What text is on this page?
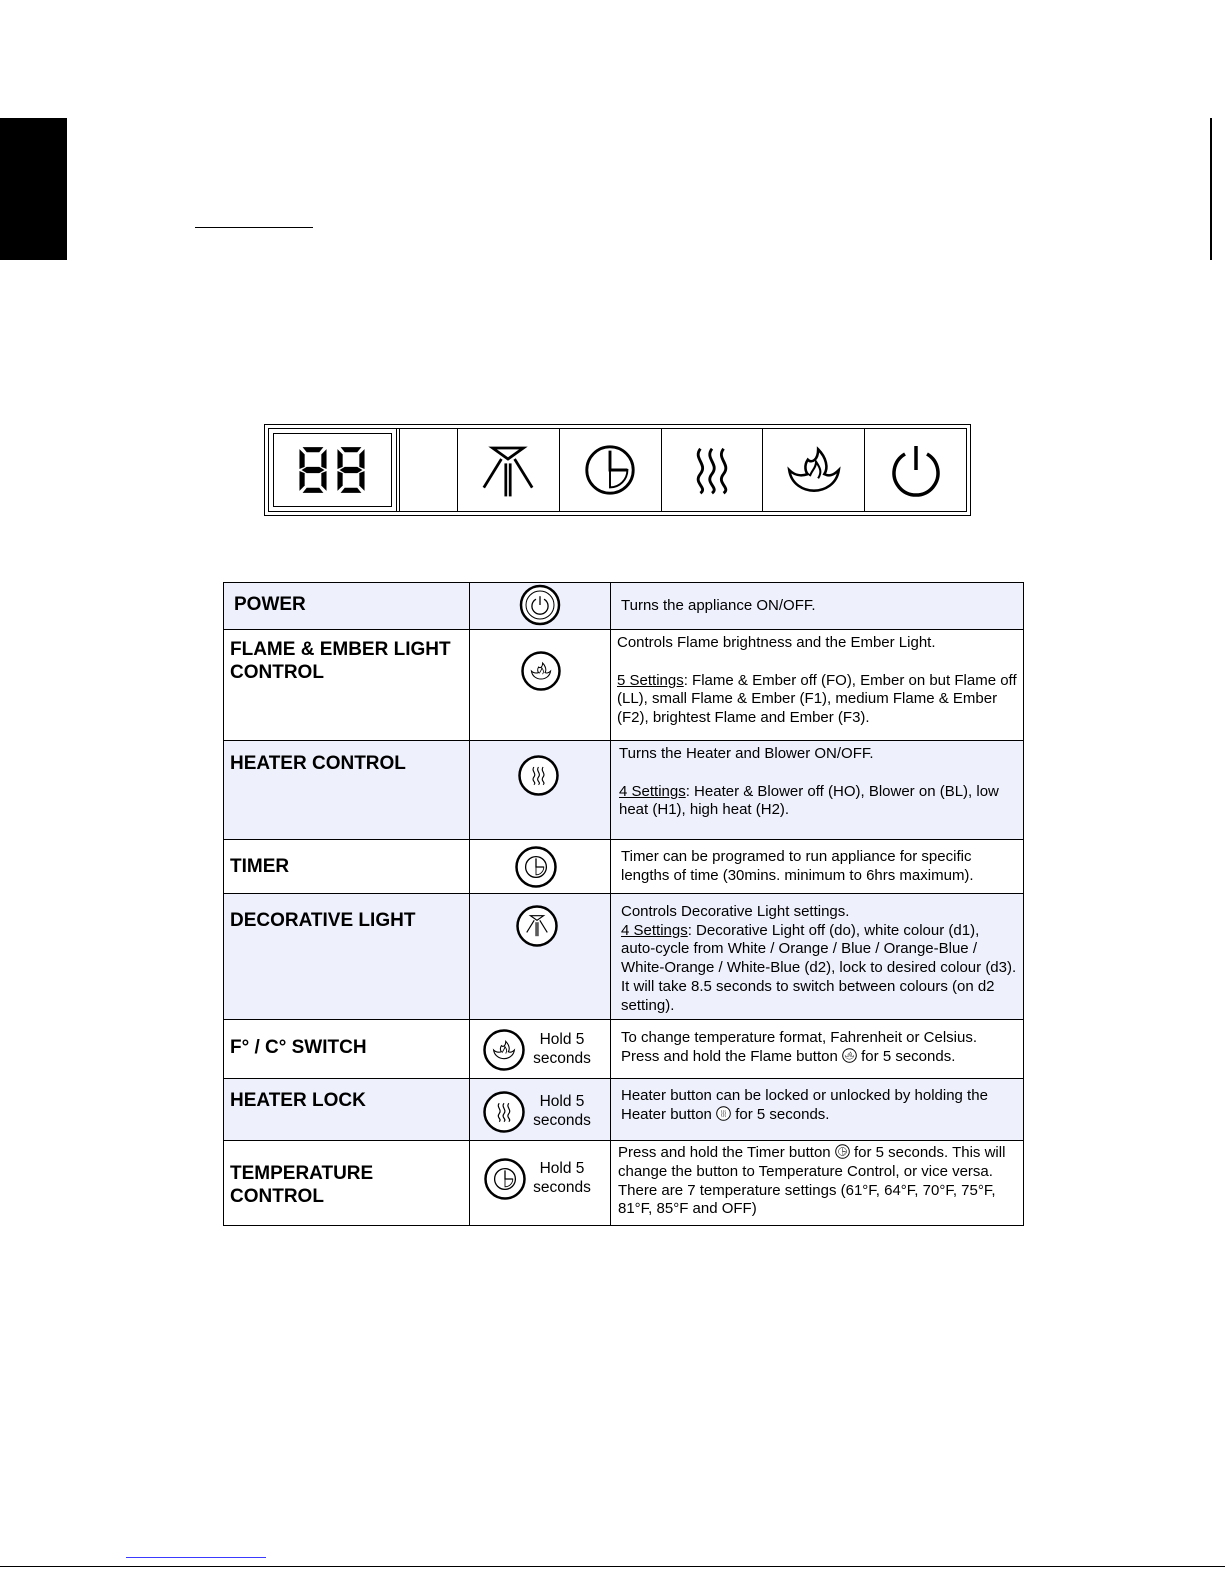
POWER		Turns the appliance ON/OFF.

FLAME & EMBER LIGHT CONTROL		Controls Flame brightness and the Ember Light.

5 Settings: Flame & Ember off (FO), Ember on but Flame off (LL), small Flame & Ember (F1), medium Flame & Ember (F2), brightest Flame and Ember (F3).

HEATER CONTROL		Turns the Heater and Blower ON/OFF.

4 Settings: Heater & Blower off (HO), Blower on (BL), low heat (H1), high heat (H2).

TIMER		Timer can be programed to run appliance for specific lengths of time (30mins. minimum to 6hrs maximum).

DECORATIVE LIGHT		Controls Decorative Light settings.

4 Settings: Decorative Light off (do), white colour (d1), auto-cycle from White / Orange / Blue / Orange-Blue / White-Orange / White-Blue (d2), lock to desired colour (d3). It will take 8.5 seconds to switch between colours (on d2 setting).

F° / C° SWITCH	Hold 5 seconds	To change temperature format, Fahrenheit or Celsius. Press and hold the Flame button for 5 seconds.

HEATER LOCK	Hold 5 seconds	Heater button can be locked or unlocked by holding the Heater button for 5 seconds.

TEMPERATURE CONTROL	Hold 5 seconds	Press and hold the Timer button for 5 seconds. This will change the button to Temperature Control, or vice versa. There are 7 temperature settings (61°F, 64°F, 70°F, 75°F, 81°F, 85°F and OFF)
